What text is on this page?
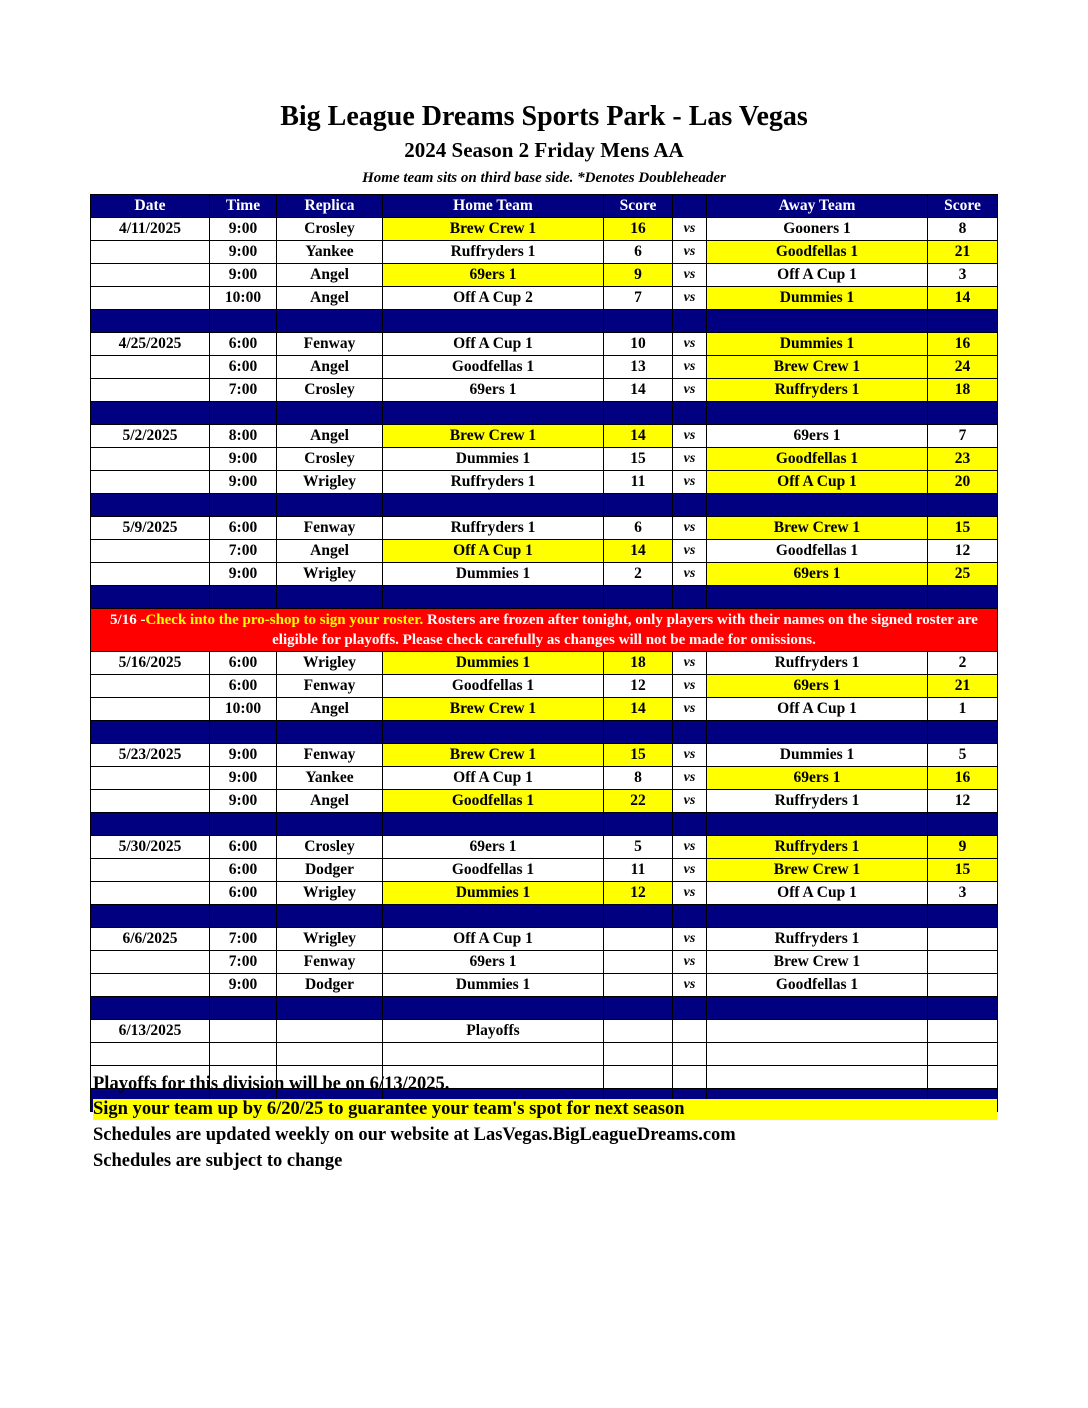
Big League Dreams Sports Park - Las Vegas
2024 Season 2 Friday Mens AA
Home team sits on third base side. *Denotes Doubleheader
Date	Time	Replica	Home Team	Score		Away Team	Score
4/11/2025	9:00	Crosley	Brew Crew 1	16	vs	Gooners 1	8
	9:00	Yankee	Ruffryders 1	6	vs	Goodfellas 1	21
	9:00	Angel	69ers 1	9	vs	Off A Cup 1	3
	10:00	Angel	Off A Cup 2	7	vs	Dummies 1	14

4/25/2025	6:00	Fenway	Off A Cup 1	10	vs	Dummies 1	16
	6:00	Angel	Goodfellas 1	13	vs	Brew Crew 1	24
	7:00	Crosley	69ers 1	14	vs	Ruffryders 1	18

5/2/2025	8:00	Angel	Brew Crew 1	14	vs	69ers 1	7
	9:00	Crosley	Dummies 1	15	vs	Goodfellas 1	23
	9:00	Wrigley	Ruffryders 1	11	vs	Off A Cup 1	20

5/9/2025	6:00	Fenway	Ruffryders 1	6	vs	Brew Crew 1	15
	7:00	Angel	Off A Cup 1	14	vs	Goodfellas 1	12
	9:00	Wrigley	Dummies 1	2	vs	69ers 1	25

5/16 -Check into the pro-shop to sign your roster. Rosters are frozen after tonight, only players with their names on the signed roster are eligible for playoffs. Please check carefully as changes will not be made for omissions.							
5/16/2025	6:00	Wrigley	Dummies 1	18	vs	Ruffryders 1	2
	6:00	Fenway	Goodfellas 1	12	vs	69ers 1	21
	10:00	Angel	Brew Crew 1	14	vs	Off A Cup 1	1

5/23/2025	9:00	Fenway	Brew Crew 1	15	vs	Dummies 1	5
	9:00	Yankee	Off A Cup 1	8	vs	69ers 1	16
	9:00	Angel	Goodfellas 1	22	vs	Ruffryders 1	12

5/30/2025	6:00	Crosley	69ers 1	5	vs	Ruffryders 1	9
	6:00	Dodger	Goodfellas 1	11	vs	Brew Crew 1	15
	6:00	Wrigley	Dummies 1	12	vs	Off A Cup 1	3

6/6/2025	7:00	Wrigley	Off A Cup 1		vs	Ruffryders 1	
	7:00	Fenway	69ers 1		vs	Brew Crew 1	
	9:00	Dodger	Dummies 1		vs	Goodfellas 1	

6/13/2025			Playoffs				

Playoffs for this division will be on 6/13/2025.
Sign your team up by 6/20/25 to guarantee your team's spot for next season
Schedules are updated weekly on our website at LasVegas.BigLeagueDreams.com
Schedules are subject to change
